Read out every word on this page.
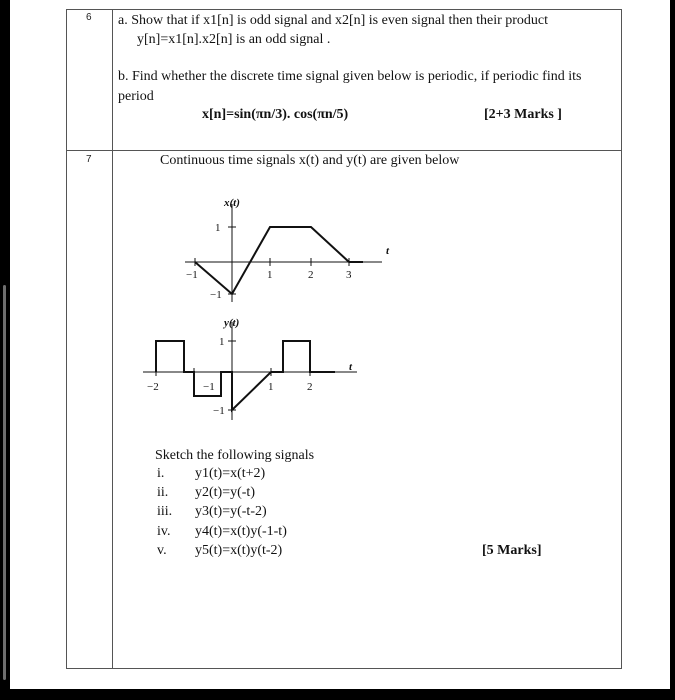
6 a. Show that if x1[n] is odd signal and x2[n] is even signal then their product
y[n]=x1[n].x2[n] is an odd signal .
b. Find whether the discrete time signal given below is periodic, if periodic find its
period
x[n]=sin(πn/3). cos(πn/5)	[2+3 Marks ]
7	Continuous time signals x(t) and y(t) are given below
x(t)
t
1
−1
−1	1	2	3
y(t)
t
1
−1
−2	−1	1	2
Sketch the following signals
i. y1(t)=x(t+2)
ii. y2(t)=y(-t)
iii. y3(t)=y(-t-2)
iv. y4(t)=x(t)y(-1-t)
v. y5(t)=x(t)y(t-2)	[5 Marks]
